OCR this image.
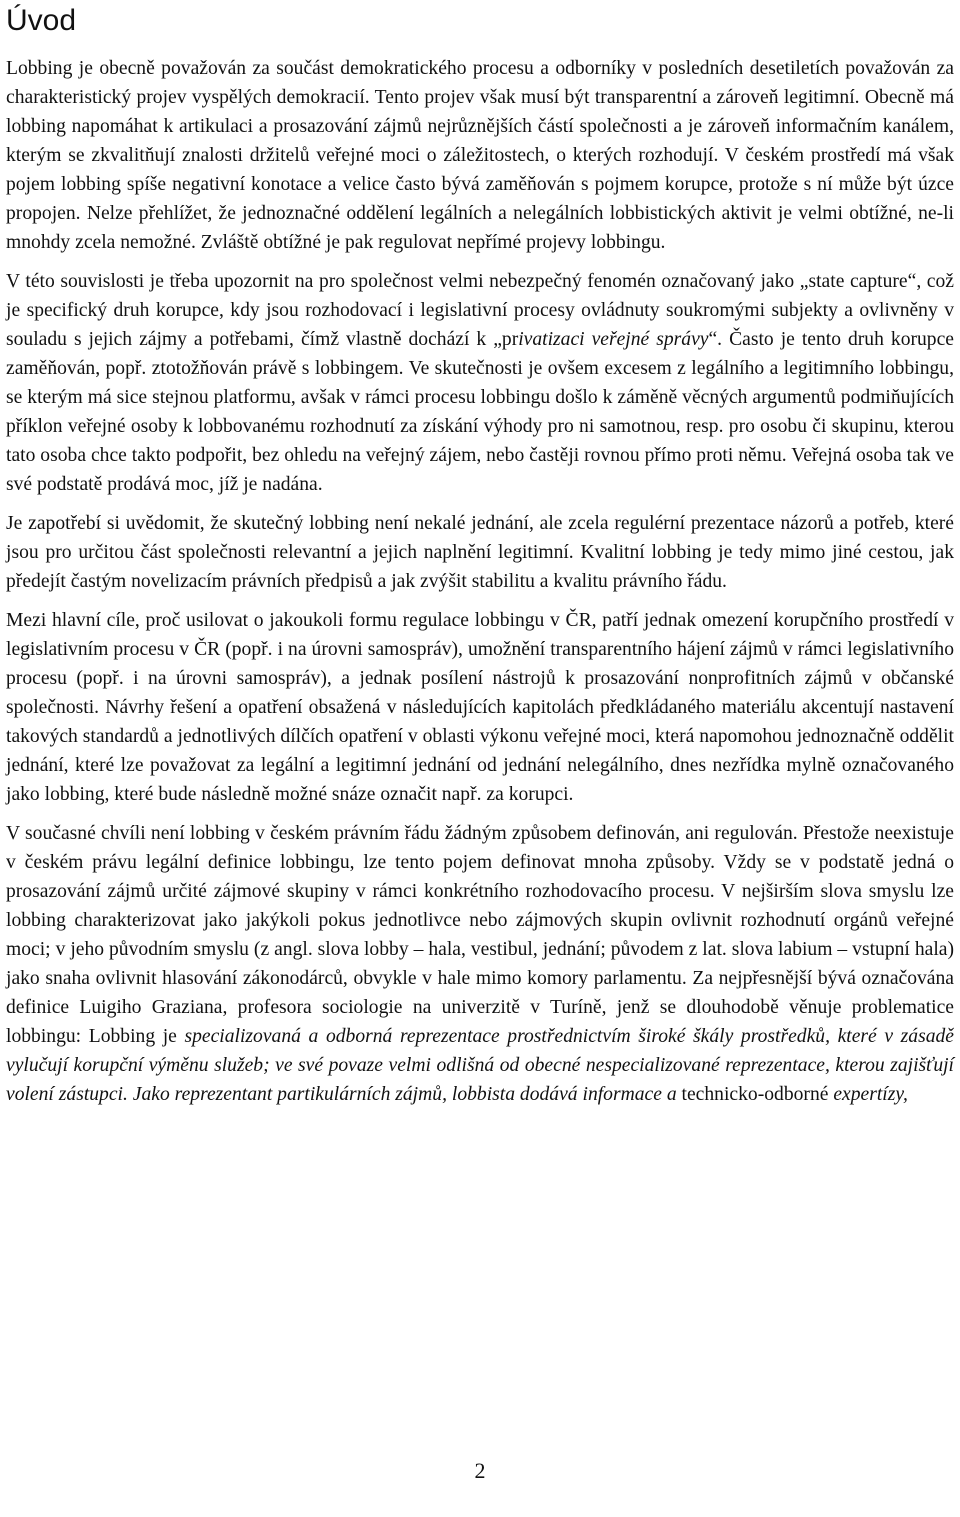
Úvod

Lobbing je obecně považován za součást demokratického procesu a odborníky v posledních desetiletích považován za charakteristický projev vyspělých demokracií. Tento projev však musí být transparentní a zároveň legitimní. Obecně má lobbing napomáhat k artikulaci a prosazování zájmů nejrůznějších částí společnosti a je zároveň informačním kanálem, kterým se zkvalitňují znalosti držitelů veřejné moci o záležitostech, o kterých rozhodují. V českém prostředí má však pojem lobbing spíše negativní konotace a velice často bývá zaměňován s pojmem korupce, protože s ní může být úzce propojen. Nelze přehlížet, že jednoznačné oddělení legálních a nelegálních lobbistických aktivit je velmi obtížné, ne-li mnohdy zcela nemožné. Zvláště obtížné je pak regulovat nepřímé projevy lobbingu.

V této souvislosti je třeba upozornit na pro společnost velmi nebezpečný fenomén označovaný jako „state capture“, což je specifický druh korupce, kdy jsou rozhodovací i legislativní procesy ovládnuty soukromými subjekty a ovlivněny v souladu s jejich zájmy a potřebami, čímž vlastně dochází k „privatizaci veřejné správy“. Často je tento druh korupce zaměňován, popř. ztotožňován právě s lobbingem. Ve skutečnosti je ovšem excesem z legálního a legitimního lobbingu, se kterým má sice stejnou platformu, avšak v rámci procesu lobbingu došlo k záměně věcných argumentů podmiňujících příklon veřejné osoby k lobbovanému rozhodnutí za získání výhody pro ni samotnou, resp. pro osobu či skupinu, kterou tato osoba chce takto podpořit, bez ohledu na veřejný zájem, nebo častěji rovnou přímo proti němu. Veřejná osoba tak ve své podstatě prodává moc, jíž je nadána.

Je zapotřebí si uvědomit, že skutečný lobbing není nekalé jednání, ale zcela regulérní prezentace názorů a potřeb, které jsou pro určitou část společnosti relevantní a jejich naplnění legitimní. Kvalitní lobbing je tedy mimo jiné cestou, jak předejít častým novelizacím právních předpisů a jak zvýšit stabilitu a kvalitu právního řádu.

Mezi hlavní cíle, proč usilovat o jakoukoli formu regulace lobbingu v ČR, patří jednak omezení korupčního prostředí v legislativním procesu v ČR (popř. i na úrovni samospráv), umožnění transparentního hájení zájmů v rámci legislativního procesu (popř. i na úrovni samospráv), a jednak posílení nástrojů k prosazování nonprofitních zájmů v občanské společnosti. Návrhy řešení a opatření obsažená v následujících kapitolách předkládaného materiálu akcentují nastavení takových standardů a jednotlivých dílčích opatření v oblasti výkonu veřejné moci, která napomohou jednoznačně oddělit jednání, které lze považovat za legální a legitimní jednání od jednání nelegálního, dnes nezřídka mylně označovaného jako lobbing, které bude následně možné snáze označit např. za korupci.

V současné chvíli není lobbing v českém právním řádu žádným způsobem definován, ani regulován. Přestože neexistuje v českém právu legální definice lobbingu, lze tento pojem definovat mnoha způsoby. Vždy se v podstatě jedná o prosazování zájmů určité zájmové skupiny v rámci konkrétního rozhodovacího procesu. V nejširším slova smyslu lze lobbing charakterizovat jako jakýkoli pokus jednotlivce nebo zájmových skupin ovlivnit rozhodnutí orgánů veřejné moci; v jeho původním smyslu (z angl. slova lobby – hala, vestibul, jednání; původem z lat. slova labium – vstupní hala) jako snaha ovlivnit hlasování zákonodárců, obvykle v hale mimo komory parlamentu. Za nejpřesnější bývá označována definice Luigiho Graziana, profesora sociologie na univerzitě v Turíně, jenž se dlouhodobě věnuje problematice lobbingu: Lobbing je specializovaná a odborná reprezentace prostřednictvím široké škály prostředků, které v zásadě vylučují korupční výměnu služeb; ve své povaze velmi odlišná od obecné nespecializované reprezentace, kterou zajišťují volení zástupci. Jako reprezentant partikulárních zájmů, lobbista dodává informace a technicko-odborné expertízy,

2
